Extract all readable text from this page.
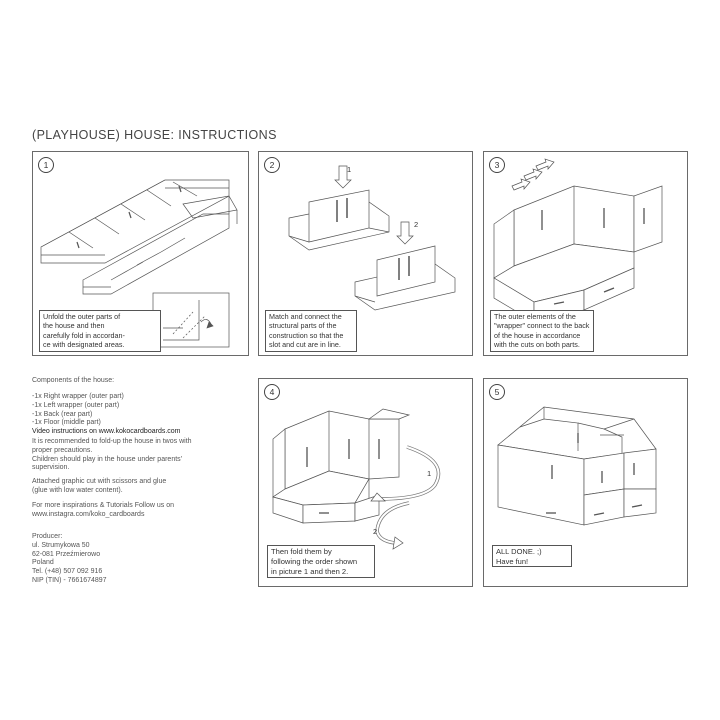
(PLAYHOUSE) HOUSE: INSTRUCTIONS
1
Unfold the outer parts of
the house and then
carefully fold in accordan-
ce with designated areas.
2	1
2
Match and connect the
structural parts of the
construction so that the
slot and cut are in line.
3
The outer elements of the
"wrapper" connect to the back
of the house in accordance
with the cuts on both parts.
4
1
2
Then fold them by
following the order shown
in picture 1 and then 2.
5
ALL DONE. ;)
Have fun!
Components of the house:
-1x Right wrapper (outer part)
-1x Left wrapper (outer part)
-1x Back (rear part)
-1x Floor (middle part)
Video instructions on www.kokocardboards.com
It is recommended to fold-up the house in twos with
proper precautions.
Children should play in the house under parents'
supervision.
Attached graphic cut with scissors and glue
(glue with low water content).
For more inspirations & Tutorials Follow us on
www.instagra.com/koko_cardboards
Producer:
ul. Strumykowa 50
62-081 Przeźmierowo
Poland
Tel. (+48) 507 092 916
NIP (TIN) - 7661674897
